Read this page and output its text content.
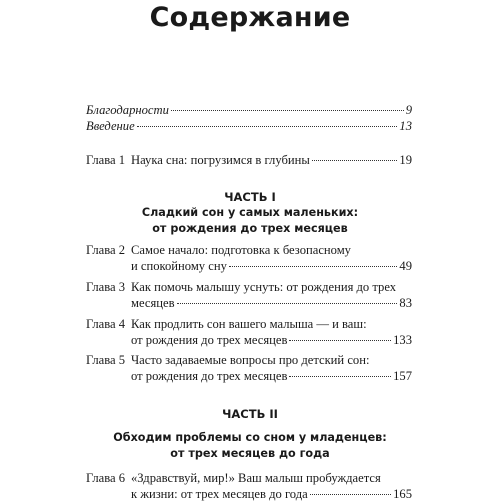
Содержание
Благодарности	9
Введение	13
Глава 1 Наука сна: погрузимся в глубины	19
ЧАСТЬ I
Сладкий сон у самых маленьких:
от рождения до трех месяцев
Глава 2 Самое начало: подготовка к безопасному
и спокойному сну	49
Глава 3 Как помочь малышу уснуть: от рождения до трех
месяцев	83
Глава 4 Как продлить сон вашего малыша — и ваш:
от рождения до трех месяцев	133
Глава 5 Часто задаваемые вопросы про детский сон:
от рождения до трех месяцев	157
ЧАСТЬ II
Обходим проблемы со сном у младенцев:
от трех месяцев до года
Глава 6 «Здравствуй, мир!» Ваш малыш пробуждается
к жизни: от трех месяцев до года	165
